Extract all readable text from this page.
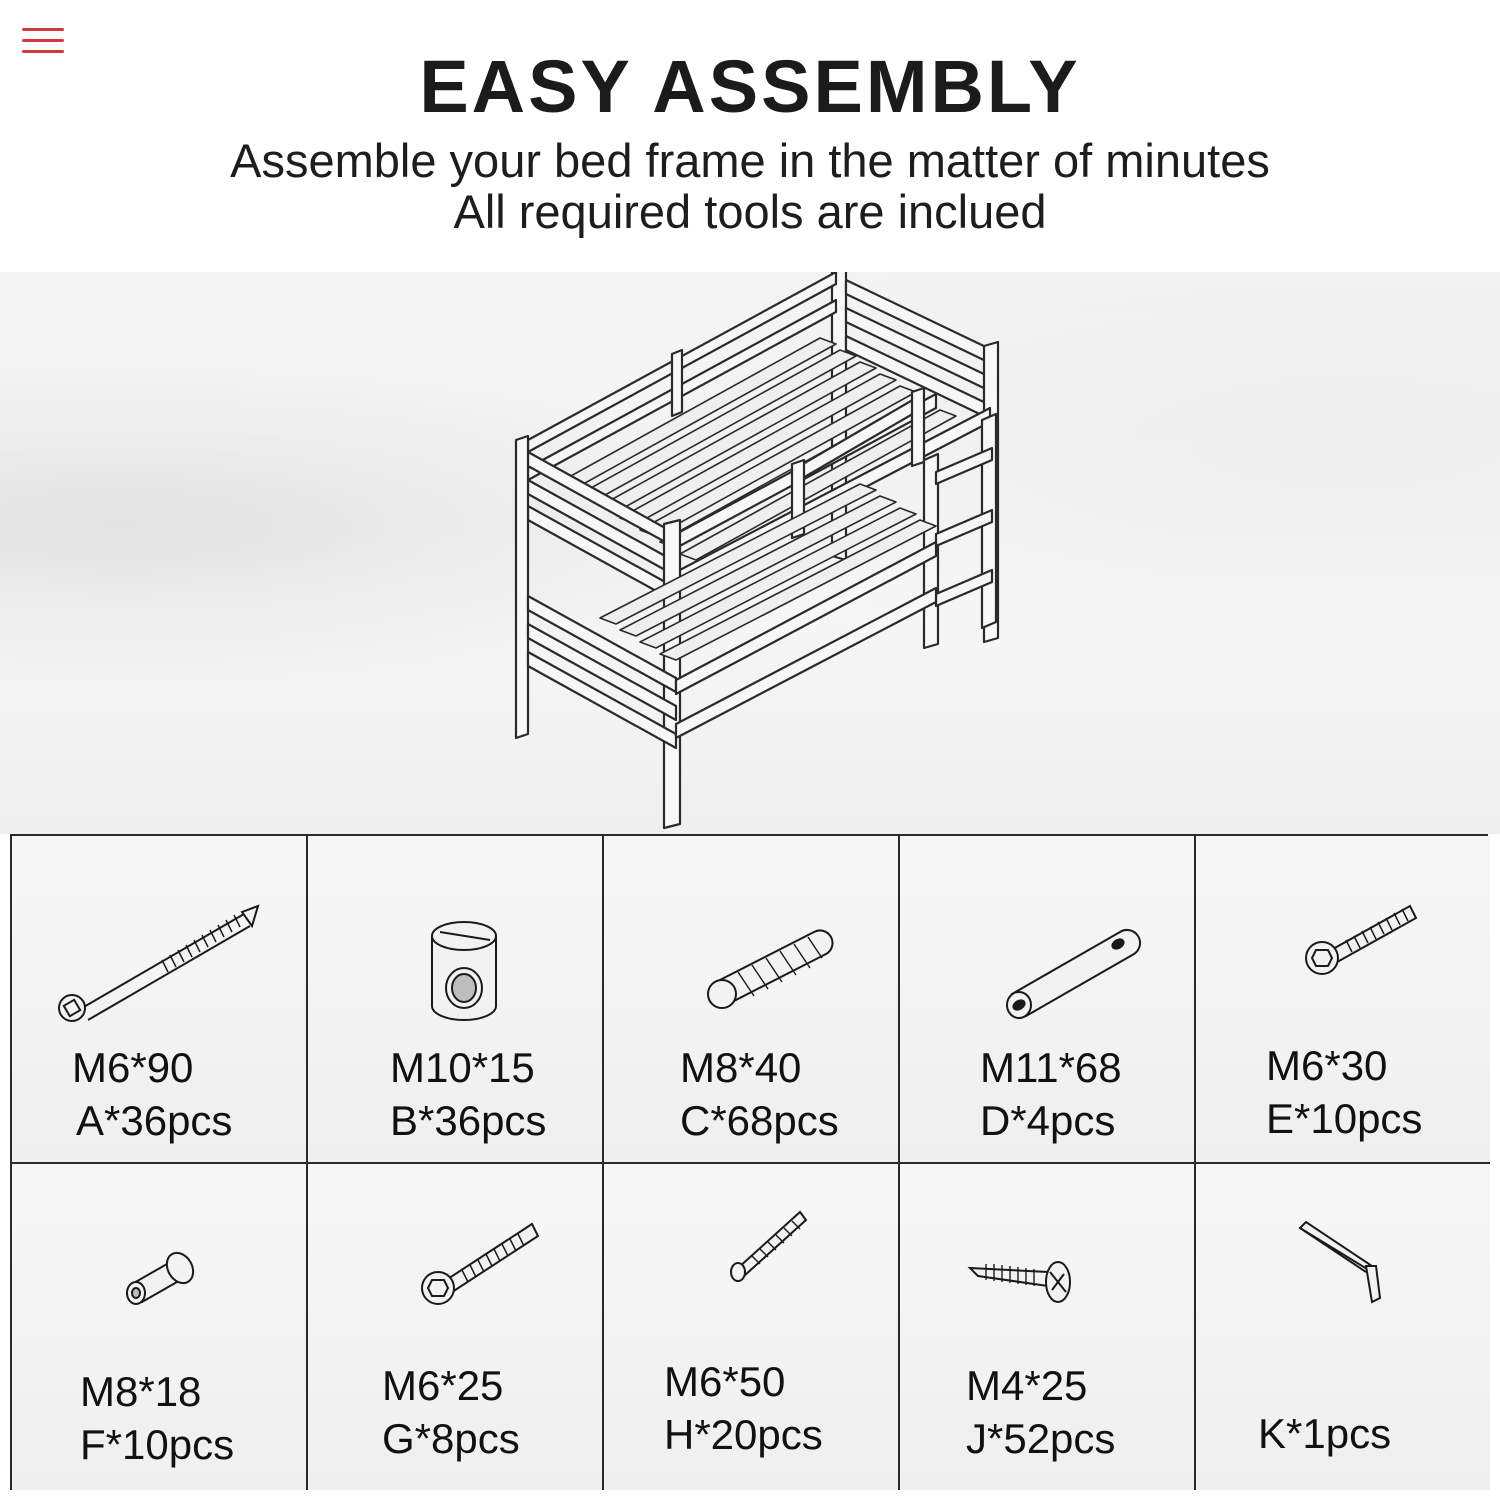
EASY ASSEMBLY
Assemble your bed frame in the matter of minutes
All required tools are inclued
M6*90
A*36pcs
M10*15
B*36pcs
M8*40
C*68pcs
M11*68
D*4pcs
M6*30
E*10pcs
M8*18
F*10pcs
M6*25
G*8pcs
M6*50
H*20pcs
M4*25
J*52pcs	K*1pcs
